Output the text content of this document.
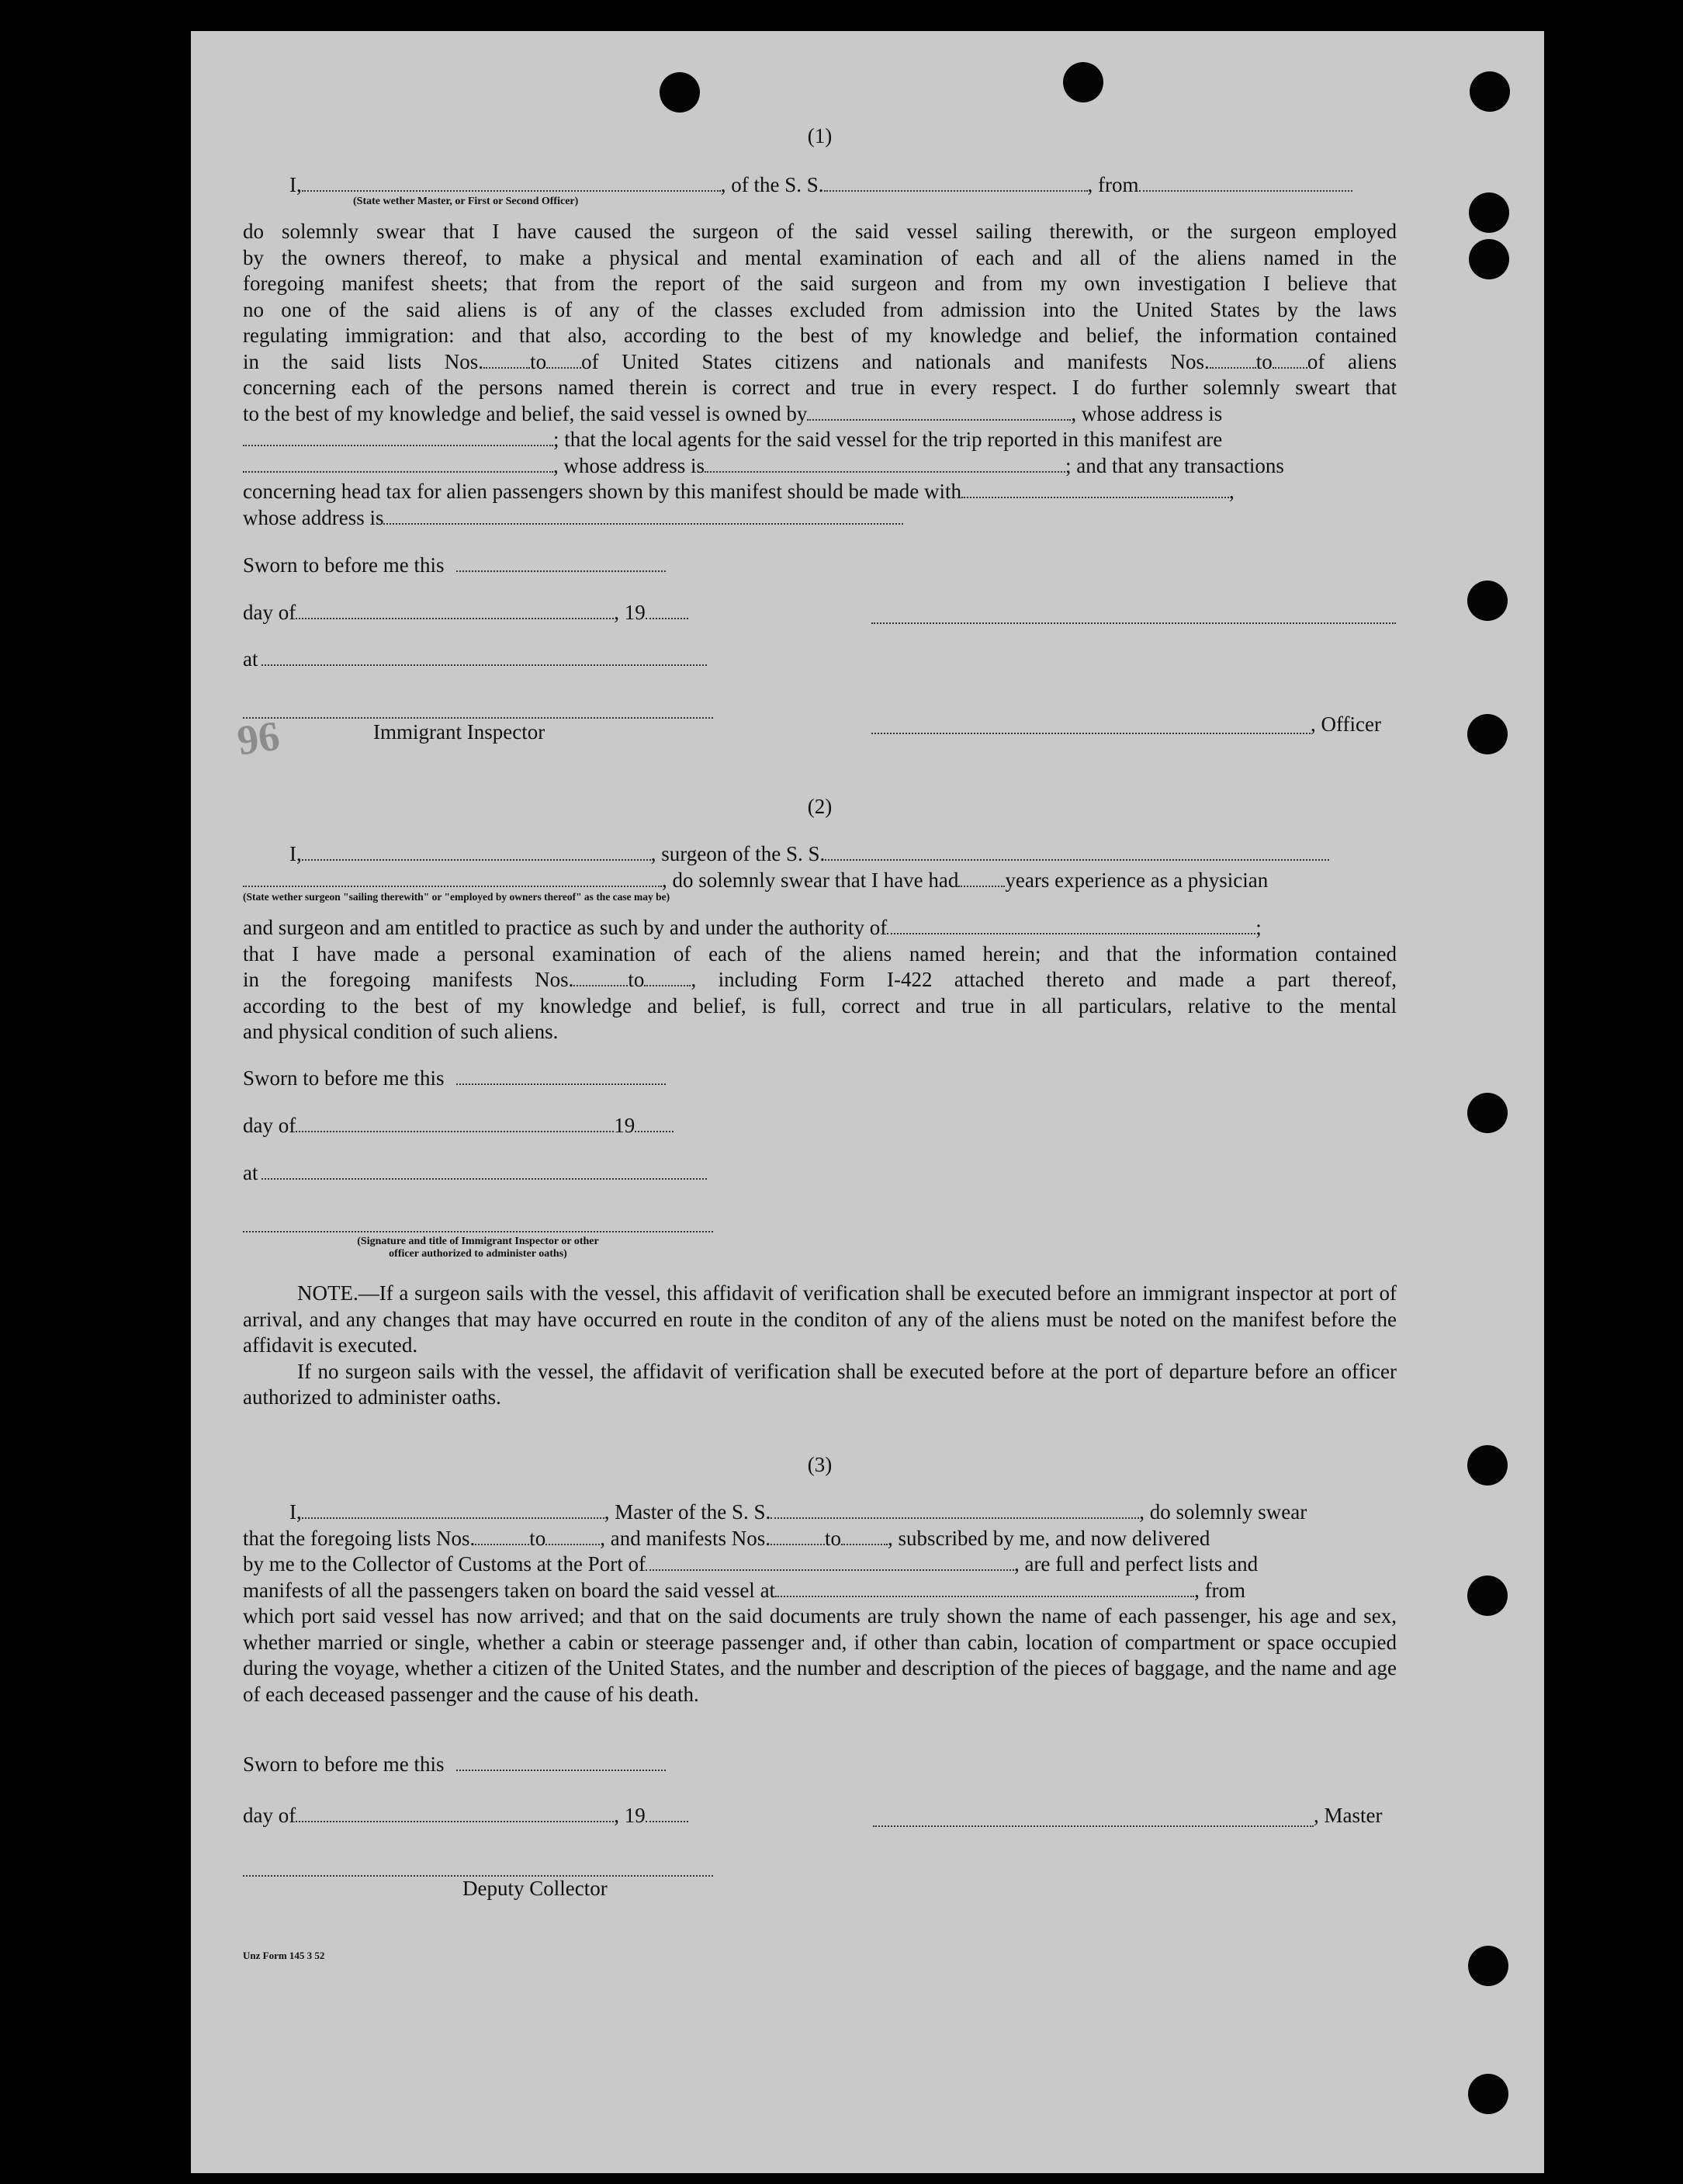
96
(1)
I,	, of the S. S.	, from
(State wether Master, or First or Second Officer)
do solemnly swear that I have caused the surgeon of the said vessel sailing therewith, or the surgeon employed
by the owners thereof, to make a physical and mental examination of each and all of the aliens named in the
foregoing manifest sheets; that from the report of the said surgeon and from my own investigation I believe that
no one of the said aliens is of any of the classes excluded from admission into the United States by the laws
regulating immigration: and that also, according to the best of my knowledge and belief, the information contained
in the said lists Nos. to of United States citizens and nationals and manifests Nos. to of aliens
concerning each of the persons named therein is correct and true in every respect. I do further solemnly sweart that
to the best of my knowledge and belief, the said vessel is owned by	, whose address is
; that the local agents for the said vessel for the trip reported in this manifest are
, whose address is	; and that any transactions
concerning head tax for alien passengers shown by this manifest should be made with	,
whose address is
Sworn to before me this
day of	, 19
at
Immigrant Inspector	, Officer
(2)
I,	, surgeon of the S. S.
, do solemnly swear that I have had years experience as a physician
(State wether surgeon "sailing therewith" or "employed by owners thereof" as the case may be)
and surgeon and am entitled to practice as such by and under the authority of	;
that I have made a personal examination of each of the aliens named herein; and that the information contained
in the foregoing manifests Nos.	to , including Form I-422 attached thereto and made a part thereof,
according to the best of my knowledge and belief, is full, correct and true in all particulars, relative to the mental
and physical condition of such aliens.
Sworn to before me this
day of	19
at
(Signature and title of Immigrant Inspector or other
officer authorized to administer oaths)
NOTE.—If a surgeon sails with the vessel, this affidavit of verification shall be executed before an immigrant inspector at port of arrival, and any changes that may have occurred en route in the conditon of any of the aliens must be noted on the manifest before the affidavit is executed.
If no surgeon sails with the vessel, the affidavit of verification shall be executed before at the port of departure before an officer authorized to administer oaths.
(3)
I,	, Master of the S. S.	, do solemnly swear
that the foregoing lists Nos.	to	, and manifests Nos.	to , subscribed by me, and now delivered
by me to the Collector of Customs at the Port of	, are full and perfect lists and
manifests of all the passengers taken on board the said vessel at	, from
which port said vessel has now arrived; and that on the said documents are truly shown the name of each passenger, his age and sex, whether married or single, whether a cabin or steerage passenger and, if other than cabin, location of compartment or space occupied during the voyage, whether a citizen of the United States, and the number and description of the pieces of baggage, and the name and age of each deceased passenger and the cause of his death.
Sworn to before me this
day of	, 19	, Master
Deputy Collector
Unz Form 145 3 52
